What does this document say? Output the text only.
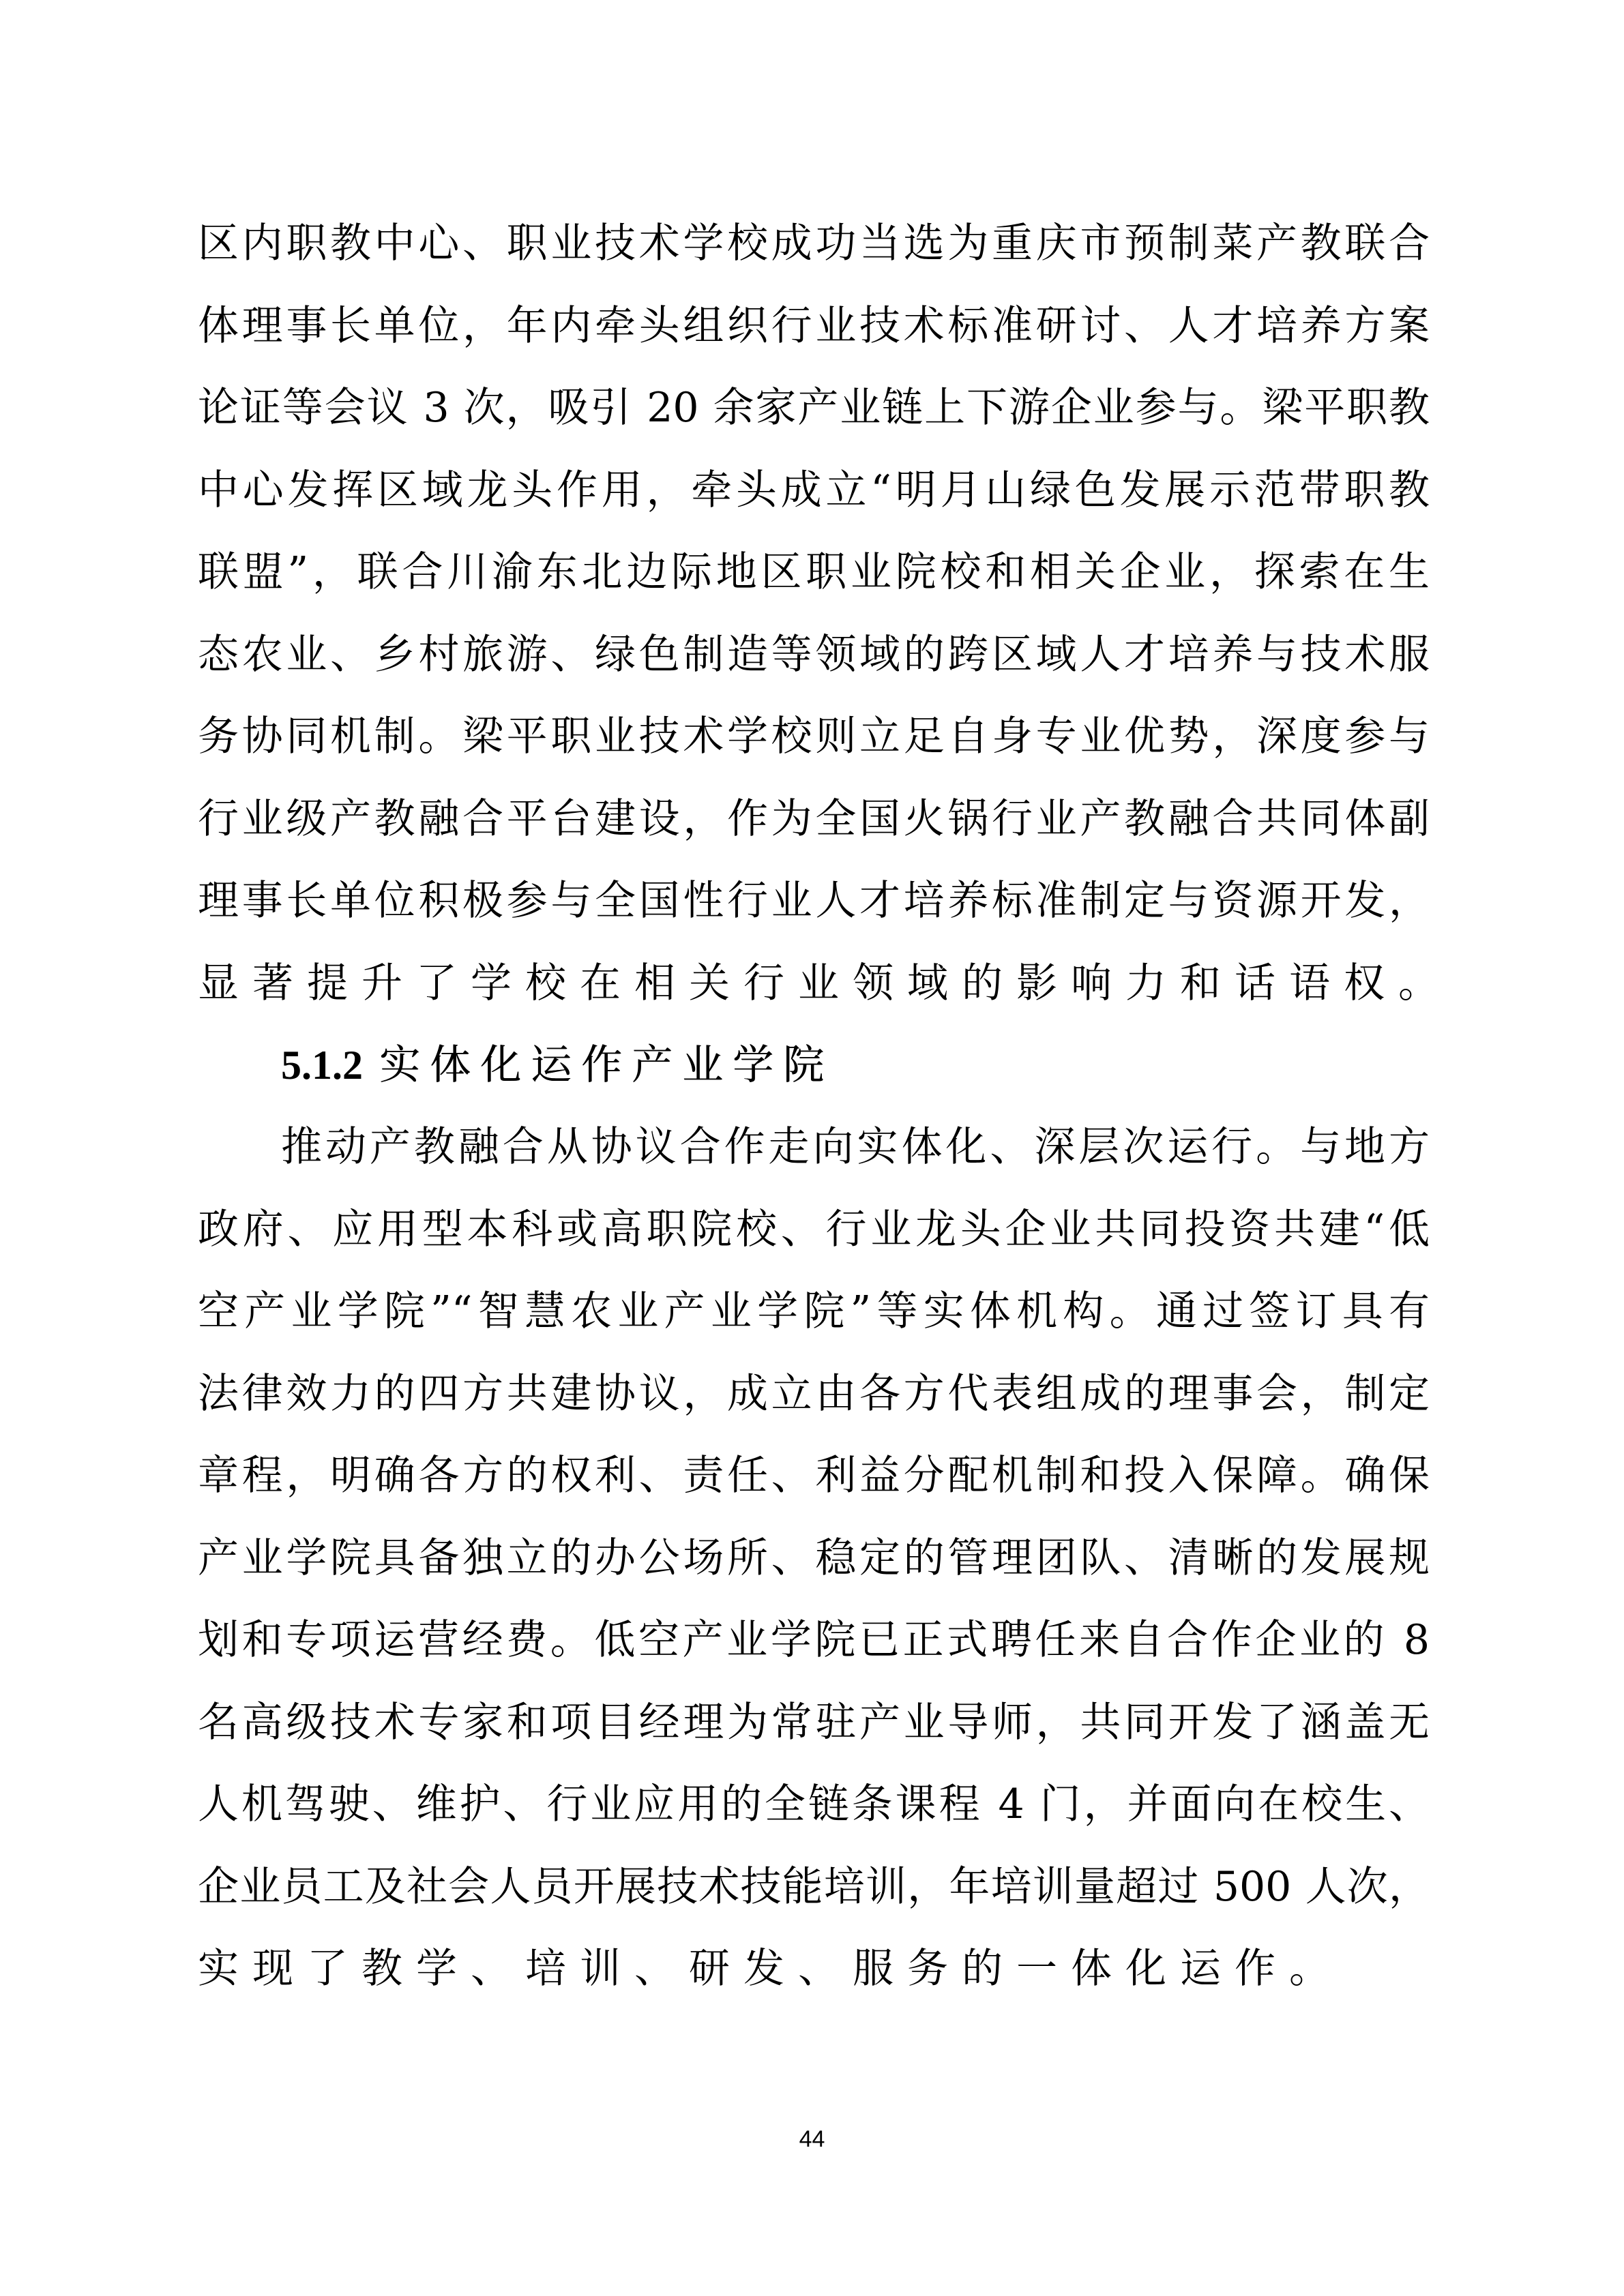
区内职教中心、职业技术学校成功当选为重庆市预制菜产教联合
体理事长单位，年内牵头组织行业技术标准研讨、人才培养方案
论证等会议 3 次，吸引 20 余家产业链上下游企业参与。梁平职教
中心发挥区域龙头作用，牵头成立“明月山绿色发展示范带职教
联盟”，联合川渝东北边际地区职业院校和相关企业，探索在生
态农业、乡村旅游、绿色制造等领域的跨区域人才培养与技术服
务协同机制。梁平职业技术学校则立足自身专业优势，深度参与
行业级产教融合平台建设，作为全国火锅行业产教融合共同体副
理事长单位积极参与全国性行业人才培养标准制定与资源开发，
显著提升了学校在相关行业领域的影响力和话语权。
5.1.2 实体化运作产业学院
推动产教融合从协议合作走向实体化、深层次运行。与地方
政府、应用型本科或高职院校、行业龙头企业共同投资共建“低
空产业学院”“智慧农业产业学院”等实体机构。通过签订具有
法律效力的四方共建协议，成立由各方代表组成的理事会，制定
章程，明确各方的权利、责任、利益分配机制和投入保障。确保
产业学院具备独立的办公场所、稳定的管理团队、清晰的发展规
划和专项运营经费。低空产业学院已正式聘任来自合作企业的 8
名高级技术专家和项目经理为常驻产业导师，共同开发了涵盖无
人机驾驶、维护、行业应用的全链条课程 4 门，并面向在校生、
企业员工及社会人员开展技术技能培训，年培训量超过 500 人次，
实现了教学、培训、研发、服务的一体化运作。
44
